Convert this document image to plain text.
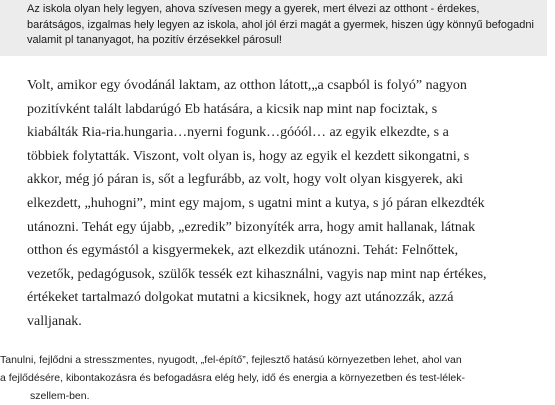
Az iskola olyan hely legyen, ahova szívesen megy a gyerek, mert élvezi az otthont - érdekes,
barátságos, izgalmas hely legyen az iskola, ahol jól érzi magát a gyermek, hiszen úgy könnyű befogadni
valamit pl tananyagot, ha pozitív érzésekkel párosul!
Volt, amikor egy óvodánál laktam, az otthon látott,„a csapból is folyó” nagyon
pozitívként talált labdarúgó Eb hatására, a kicsik nap mint nap fociztak, s
kiabálták Ria-ria.hungaria…nyerni fogunk…góóól… az egyik elkezdte, s a
többiek folytatták. Viszont, volt olyan is, hogy az egyik el kezdett sikongatni, s
akkor, még jó páran is, sőt a legfurább, az volt, hogy volt olyan kisgyerek, aki
elkezdett, „huhogni”, mint egy majom, s ugatni mint a kutya, s jó páran elkezdték
utánozni. Tehát egy újabb, „ezredik” bizonyíték arra, hogy amit hallanak, látnak
otthon és egymástól a kisgyermekek, azt elkezdik utánozni. Tehát: Felnőttek,
vezetők, pedagógusok, szülők tessék ezt kihasználni, vagyis nap mint nap értékes,
értékeket tartalmazó dolgokat mutatni a kicsiknek, hogy azt utánozzák, azzá
valljanak.
Tanulni, fejlődni a stresszmentes, nyugodt, „fel-építő”, fejlesztő hatású környezetben lehet, ahol van
a fejlődésére, kibontakozásra és befogadásra elég hely, idő és energia a környezetben és test-lélek-
szellem-ben.
